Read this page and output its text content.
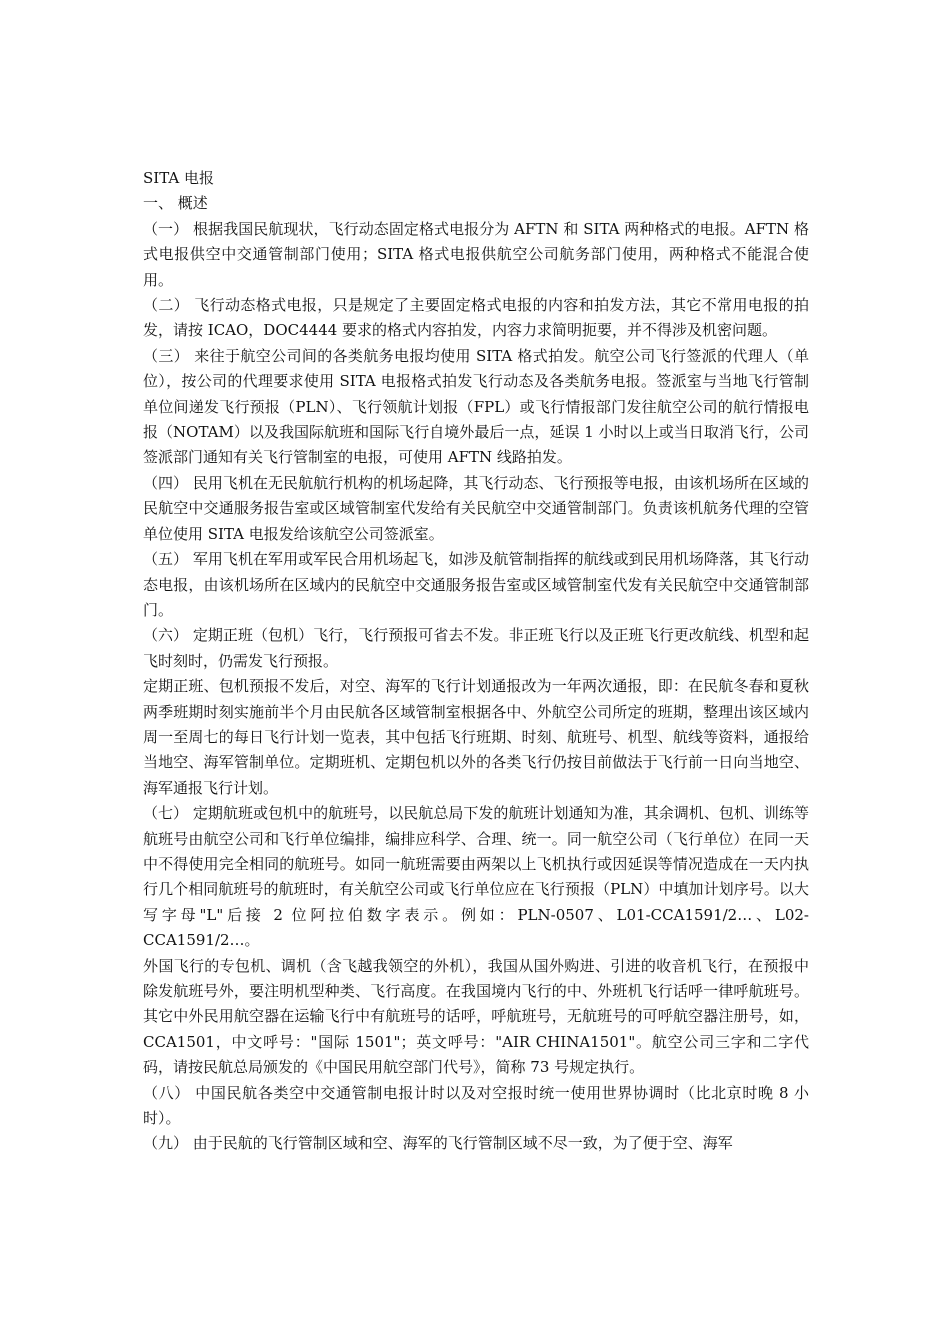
SITA 电报

一、 概述

（一） 根据我国民航现状，飞行动态固定格式电报分为 AFTN 和 SITA 两种格式的电报。AFTN 格式电报供空中交通管制部门使用；SITA 格式电报供航空公司航务部门使用，两种格式不能混合使用。

（二） 飞行动态格式电报，只是规定了主要固定格式电报的内容和拍发方法，其它不常用电报的拍发，请按 ICAO，DOC4444 要求的格式内容拍发，内容力求简明扼要，并不得涉及机密问题。

（三） 来往于航空公司间的各类航务电报均使用 SITA 格式拍发。航空公司飞行签派的代理人（单位），按公司的代理要求使用 SITA 电报格式拍发飞行动态及各类航务电报。签派室与当地飞行管制单位间递发飞行预报（PLN）、飞行领航计划报（FPL）或飞行情报部门发往航空公司的航行情报电报（NOTAM）以及我国际航班和国际飞行自境外最后一点，延误 1 小时以上或当日取消飞行，公司签派部门通知有关飞行管制室的电报，可使用 AFTN 线路拍发。

（四） 民用飞机在无民航航行机构的机场起降，其飞行动态、飞行预报等电报，由该机场所在区域的民航空中交通服务报告室或区域管制室代发给有关民航空中交通管制部门。负责该机航务代理的空管单位使用 SITA 电报发给该航空公司签派室。

（五） 军用飞机在军用或军民合用机场起飞，如涉及航管制指挥的航线或到民用机场降落，其飞行动态电报，由该机场所在区域内的民航空中交通服务报告室或区域管制室代发有关民航空中交通管制部门。

（六） 定期正班（包机）飞行，飞行预报可省去不发。非正班飞行以及正班飞行更改航线、机型和起飞时刻时，仍需发飞行预报。

定期正班、包机预报不发后，对空、海军的飞行计划通报改为一年两次通报，即：在民航冬春和夏秋两季班期时刻实施前半个月由民航各区域管制室根据各中、外航空公司所定的班期，整理出该区域内周一至周七的每日飞行计划一览表，其中包括飞行班期、时刻、航班号、机型、航线等资料，通报给当地空、海军管制单位。定期班机、定期包机以外的各类飞行仍按目前做法于飞行前一日向当地空、海军通报飞行计划。

（七） 定期航班或包机中的航班号，以民航总局下发的航班计划通知为准，其余调机、包机、训练等航班号由航空公司和飞行单位编排，编排应科学、合理、统一。同一航空公司（飞行单位）在同一天中不得使用完全相同的航班号。如同一航班需要由两架以上飞机执行或因延误等情况造成在一天内执行几个相同航班号的航班时，有关航空公司或飞行单位应在飞行预报（PLN）中填加计划序号。以大写字母"L"后接 2 位阿拉伯数字表示。例如：PLN-0507、L01-CCA1591/2…、L02-CCA1591/2…。

外国飞行的专包机、调机（含飞越我领空的外机），我国从国外购进、引进的收音机飞行，在预报中除发航班号外，要注明机型种类、飞行高度。在我国境内飞行的中、外班机飞行话呼一律呼航班号。其它中外民用航空器在运输飞行中有航班号的话呼，呼航班号，无航班号的可呼航空器注册号，如，CCA1501，中文呼号："国际 1501"；英文呼号："AIR CHINA1501"。航空公司三字和二字代码，请按民航总局颁发的《中国民用航空部门代号》，简称 73 号规定执行。

（八） 中国民航各类空中交通管制电报计时以及对空报时统一使用世界协调时（比北京时晚 8 小时）。

（九） 由于民航的飞行管制区域和空、海军的飞行管制区域不尽一致，为了便于空、海军
